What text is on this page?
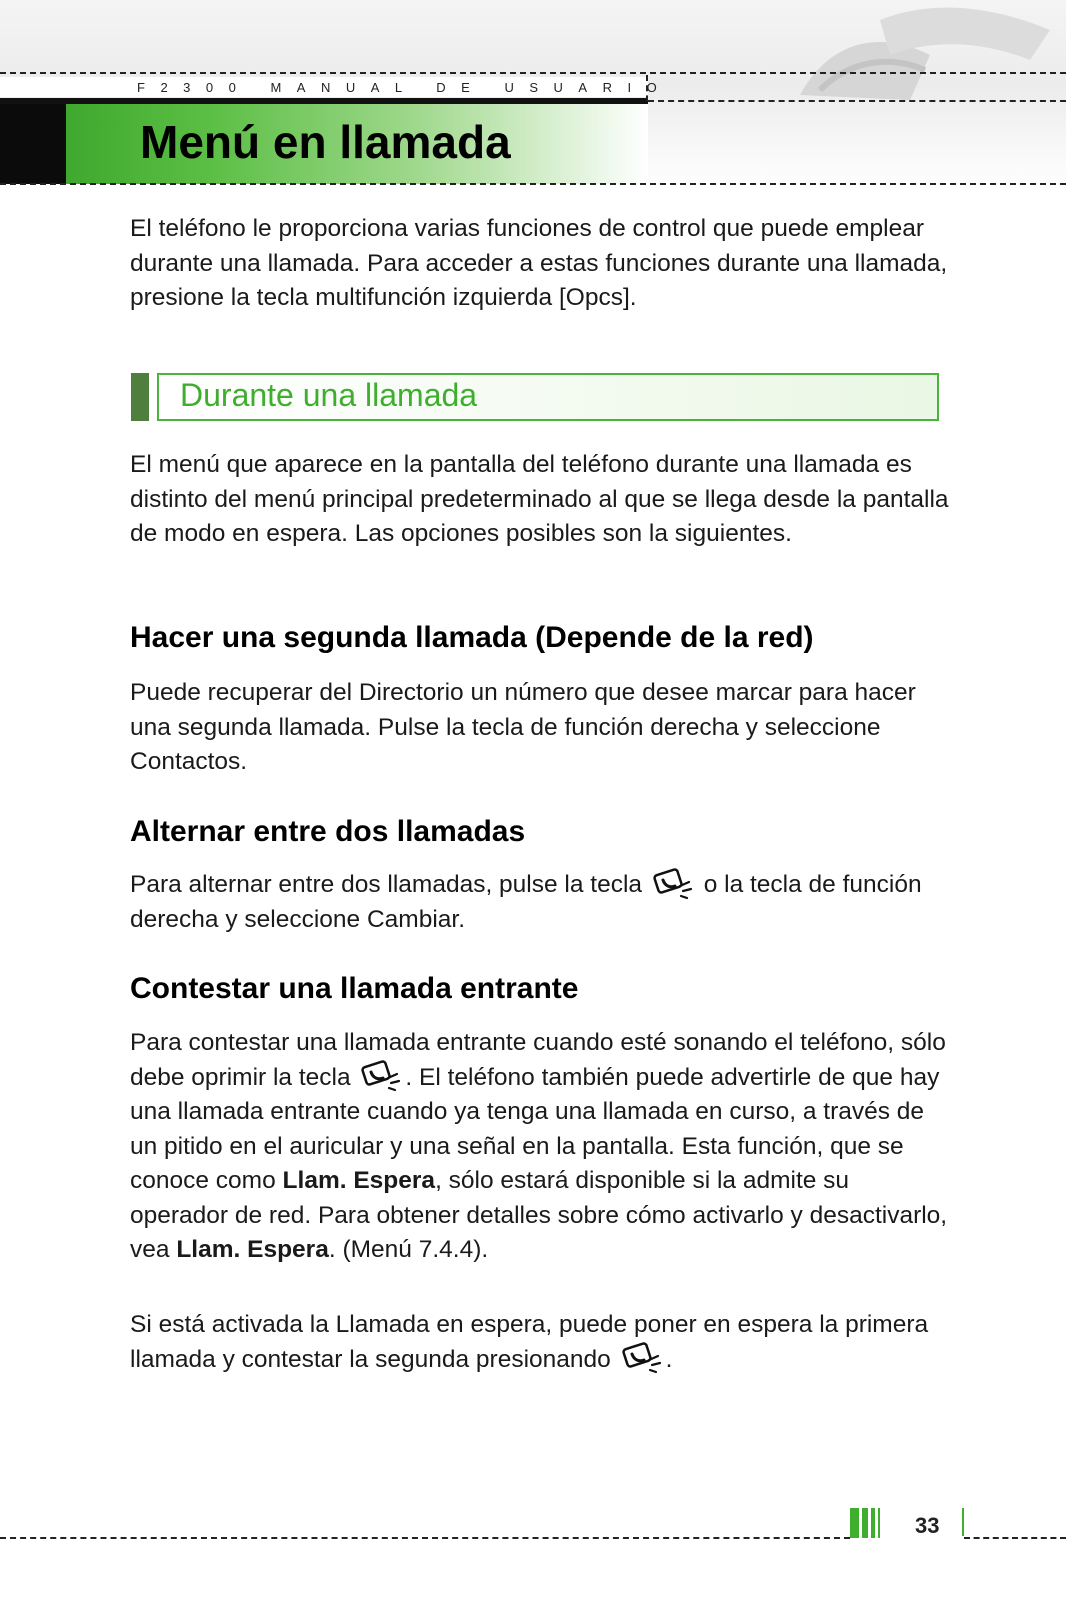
F2300 MANUAL DE USUARIO
Menú en llamada

El teléfono le proporciona varias funciones de control que puede emplear durante una llamada. Para acceder a estas funciones durante una llamada, presione la tecla multifunción izquierda [Opcs].

Durante una llamada

El menú que aparece en la pantalla del teléfono durante una llamada es distinto del menú principal predeterminado al que se llega desde la pantalla de modo en espera. Las opciones posibles son la siguientes.

Hacer una segunda llamada (Depende de la red)

Puede recuperar del Directorio un número que desee marcar para hacer una segunda llamada. Pulse la tecla de función derecha y seleccione Contactos.

Alternar entre dos llamadas

Para alternar entre dos llamadas, pulse la tecla	o la tecla de función derecha y seleccione Cambiar.

Contestar una llamada entrante

Para contestar una llamada entrante cuando esté sonando el teléfono, sólo debe oprimir la tecla . El teléfono también puede advertirle de que hay una llamada entrante cuando ya tenga una llamada en curso, a través de un pitido en el auricular y una señal en la pantalla. Esta función, que se conoce como Llam. Espera, sólo estará disponible si la admite su operador de red. Para obtener detalles sobre cómo activarlo y desactivarlo, vea Llam. Espera. (Menú 7.4.4).

Si está activada la Llamada en espera, puede poner en espera la primera llamada y contestar la segunda presionando .

33
